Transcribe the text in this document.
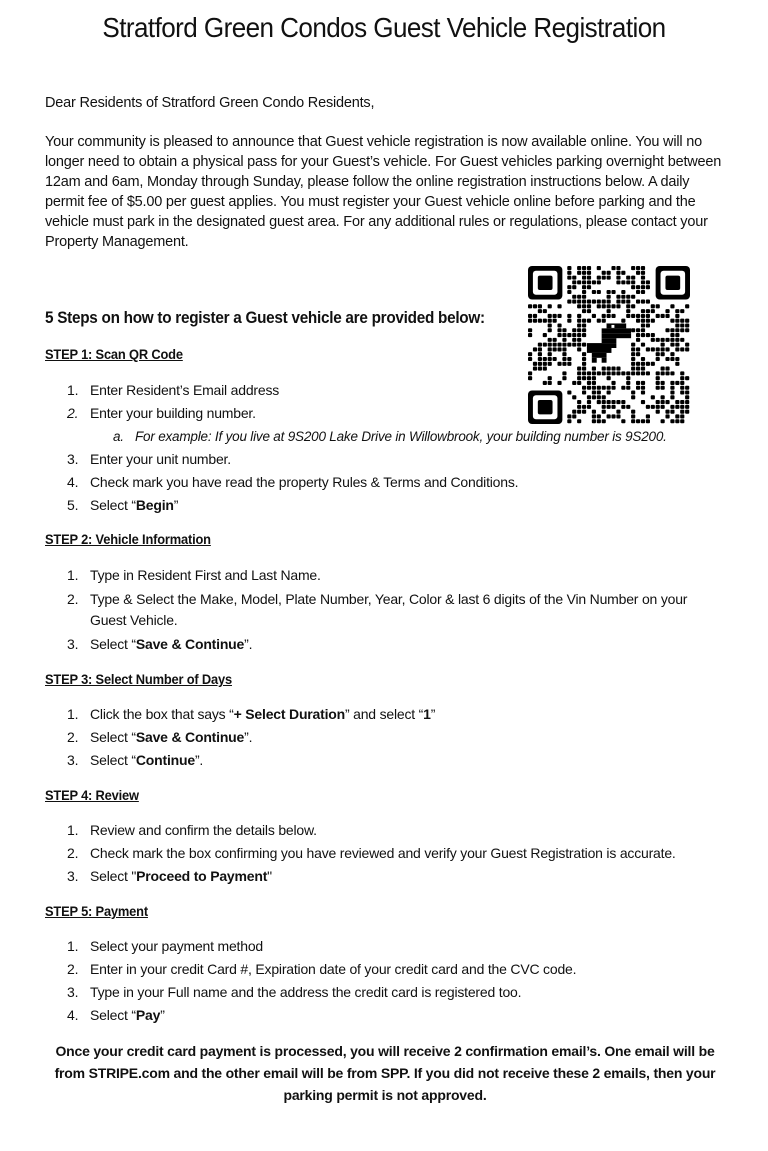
Stratford Green Condos Guest Vehicle Registration

Dear Residents of Stratford Green Condo Residents,

Your community is pleased to announce that Guest vehicle registration is now available online. You will no longer need to obtain a physical pass for your Guest’s vehicle. For Guest vehicles parking overnight between 12am and 6am, Monday through Sunday, please follow the online registration instructions below. A daily permit fee of $5.00 per guest applies. You must register your Guest vehicle online before parking and the vehicle must park in the designated guest area. For any additional rules or regulations, please contact your Property Management.

5 Steps on how to register a Guest vehicle are provided below:

STEP 1: Scan QR Code

1. Enter Resident’s Email address
2. Enter your building number.
a. For example: If you live at 9S200 Lake Drive in Willowbrook, your building number is 9S200.
3. Enter your unit number.
4. Check mark you have read the property Rules & Terms and Conditions.
5. Select “Begin”

STEP 2: Vehicle Information

1. Type in Resident First and Last Name.
2. Type & Select the Make, Model, Plate Number, Year, Color & last 6 digits of the Vin Number on your Guest Vehicle.
3. Select “Save & Continue”.

STEP 3: Select Number of Days

1. Click the box that says “+ Select Duration” and select “1”
2. Select “Save & Continue”.
3. Select “Continue”.

STEP 4: Review

1. Review and confirm the details below.
2. Check mark the box confirming you have reviewed and verify your Guest Registration is accurate.
3. Select "Proceed to Payment"

STEP 5: Payment

1. Select your payment method
2. Enter in your credit Card #, Expiration date of your credit card and the CVC code.
3. Type in your Full name and the address the credit card is registered too.
4. Select “Pay”

Once your credit card payment is processed, you will receive 2 confirmation email’s. One email will be from STRIPE.com and the other email will be from SPP. If you did not receive these 2 emails, then your parking permit is not approved.
